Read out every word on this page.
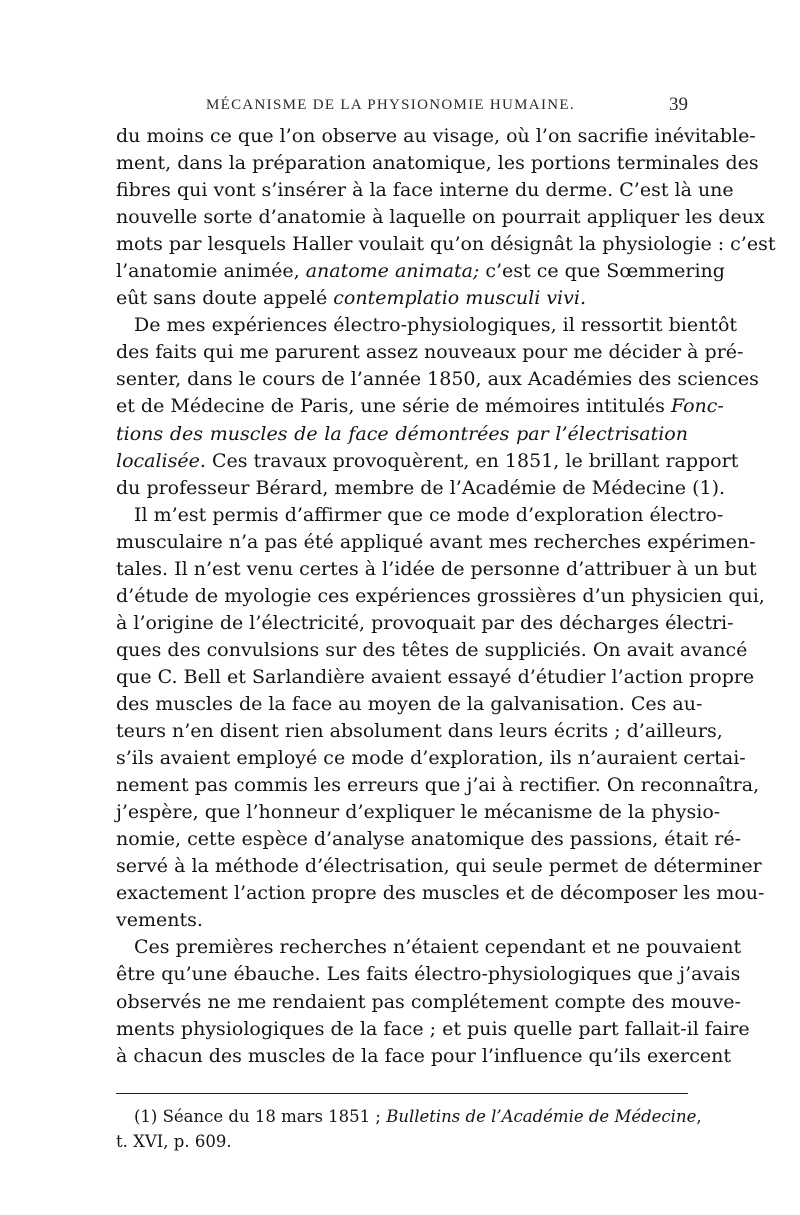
MÉCANISME DE LA PHYSIONOMIE HUMAINE.	39
du moins ce que l’on observe au visage, où l’on sacrifie inévitable-
ment, dans la préparation anatomique, les portions terminales des
fibres qui vont s’insérer à la face interne du derme. C’est là une
nouvelle sorte d’anatomie à laquelle on pourrait appliquer les deux
mots par lesquels Haller voulait qu’on désignât la physiologie : c’est
l’anatomie animée, anatome animata; c’est ce que Sœmmering
eût sans doute appelé contemplatio musculi vivi.
De mes expériences électro-physiologiques, il ressortit bientôt
des faits qui me parurent assez nouveaux pour me décider à pré-
senter, dans le cours de l’année 1850, aux Académies des sciences
et de Médecine de Paris, une série de mémoires intitulés Fonc-
tions des muscles de la face démontrées par l’électrisation
localisée. Ces travaux provoquèrent, en 1851, le brillant rapport
du professeur Bérard, membre de l’Académie de Médecine (1).
Il m’est permis d’affirmer que ce mode d’exploration électro-
musculaire n’a pas été appliqué avant mes recherches expérimen-
tales. Il n’est venu certes à l’idée de personne d’attribuer à un but
d’étude de myologie ces expériences grossières d’un physicien qui,
à l’origine de l’électricité, provoquait par des décharges électri-
ques des convulsions sur des têtes de suppliciés. On avait avancé
que C. Bell et Sarlandière avaient essayé d’étudier l’action propre
des muscles de la face au moyen de la galvanisation. Ces au-
teurs n’en disent rien absolument dans leurs écrits ; d’ailleurs,
s’ils avaient employé ce mode d’exploration, ils n’auraient certai-
nement pas commis les erreurs que j’ai à rectifier. On reconnaîtra,
j’espère, que l’honneur d’expliquer le mécanisme de la physio-
nomie, cette espèce d’analyse anatomique des passions, était ré-
servé à la méthode d’électrisation, qui seule permet de déterminer
exactement l’action propre des muscles et de décomposer les mou-
vements.
Ces premières recherches n’étaient cependant et ne pouvaient
être qu’une ébauche. Les faits électro-physiologiques que j’avais
observés ne me rendaient pas complétement compte des mouve-
ments physiologiques de la face ; et puis quelle part fallait-il faire
à chacun des muscles de la face pour l’influence qu’ils exercent
(1) Séance du 18 mars 1851 ; Bulletins de l’Académie de Médecine,
t. XVI, p. 609.
